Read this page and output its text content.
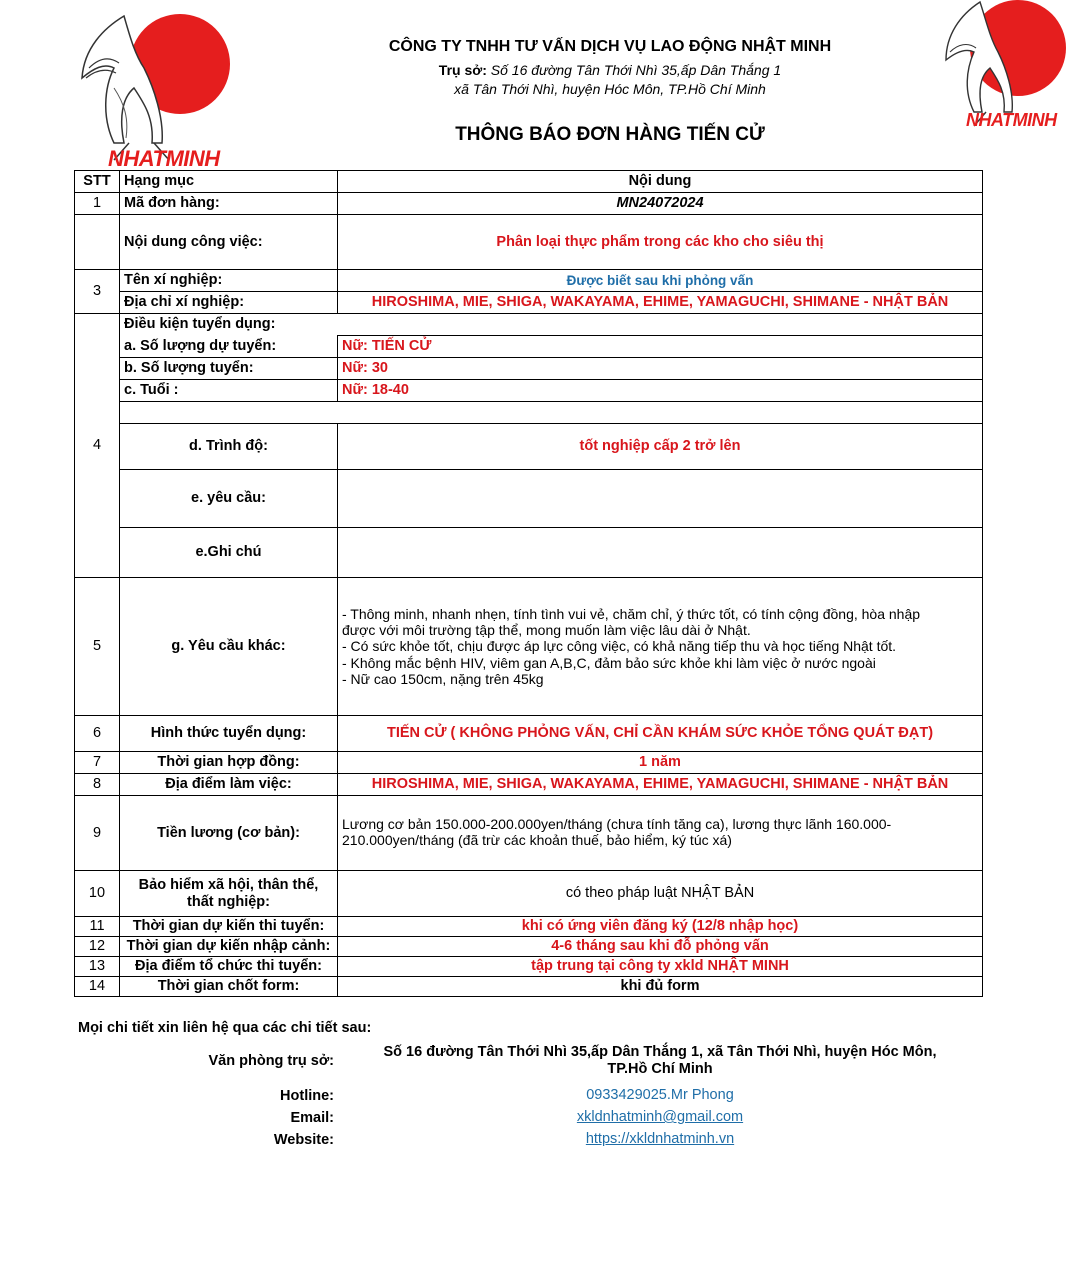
NHATMINH
NHATMINH
CÔNG TY TNHH TƯ VẤN DỊCH VỤ LAO ĐỘNG NHẬT MINH
Trụ sở: Số 16 đường Tân Thới Nhì 35,ấp Dân Thắng 1
xã Tân Thới Nhì, huyện Hóc Môn, TP.Hồ Chí Minh
THÔNG BÁO ĐƠN HÀNG TIẾN CỬ
STT	Hạng mục	Nội dung
1	Mã đơn hàng:	MN24072024
	Nội dung công việc:	Phân loại thực phẩm trong các kho cho siêu thị
3	Tên xí nghiệp:	Được biết sau khi phỏng vấn
	Địa chỉ xí nghiệp:	HIROSHIMA, MIE, SHIGA, WAKAYAMA, EHIME, YAMAGUCHI, SHIMANE - NHẬT BẢN
4	Điều kiện tuyển dụng:	
	a. Số lượng dự tuyển:	Nữ: TIẾN CỬ
	b. Số lượng tuyển:	Nữ: 30
	c. Tuổi :	Nữ: 18-40

	d. Trình độ:	tốt nghiệp cấp 2 trở lên
	e. yêu cầu:	
	e.Ghi chú	
5	g. Yêu cầu khác:	- Thông minh, nhanh nhẹn, tính tình vui vẻ, chăm chỉ, ý thức tốt, có tính cộng đồng, hòa nhập
được với môi trường tập thể, mong muốn làm việc lâu dài ở Nhật.
- Có sức khỏe tốt, chịu được áp lực công việc, có khả năng tiếp thu và học tiếng Nhật tốt.
- Không mắc bệnh HIV, viêm gan A,B,C, đảm bảo sức khỏe khi làm việc ở nước ngoài
- Nữ cao 150cm, nặng trên 45kg

6	Hình thức tuyển dụng:	TIẾN CỬ ( KHÔNG PHỎNG VẤN, CHỈ CẦN KHÁM SỨC KHỎE TỔNG QUÁT ĐẠT)
7	Thời gian hợp đồng:	1 năm
8	Địa điểm làm việc:	HIROSHIMA, MIE, SHIGA, WAKAYAMA, EHIME, YAMAGUCHI, SHIMANE - NHẬT BẢN
9	Tiền lương (cơ bản):	Lương cơ bản 150.000-200.000yen/tháng (chưa tính tăng ca), lương thực lãnh 160.000-
210.000yen/tháng (đã trừ các khoản thuế, bảo hiểm, ký túc xá)

10	Bảo hiểm xã hội, thân thể,
thất nghiệp:	có theo pháp luật NHẬT BẢN
11	Thời gian dự kiến thi tuyển:	khi có ứng viên đăng ký (12/8 nhập học)
12	Thời gian dự kiến nhập cảnh:	4-6 tháng sau khi đỗ phỏng vấn
13	Địa điểm tổ chức thi tuyển:	tập trung tại công ty xkld NHẬT MINH
14	Thời gian chốt form:	khi đủ form
Mọi chi tiết xin liên hệ qua các chi tiết sau:
Văn phòng trụ sở:
Số 16 đường Tân Thới Nhì 35,ấp Dân Thắng 1, xã Tân Thới Nhì, huyện Hóc Môn,
TP.Hồ Chí Minh
Hotline:	0933429025.Mr Phong
Email:	xkldnhatminh@gmail.com
Website:	https://xkldnhatminh.vn
